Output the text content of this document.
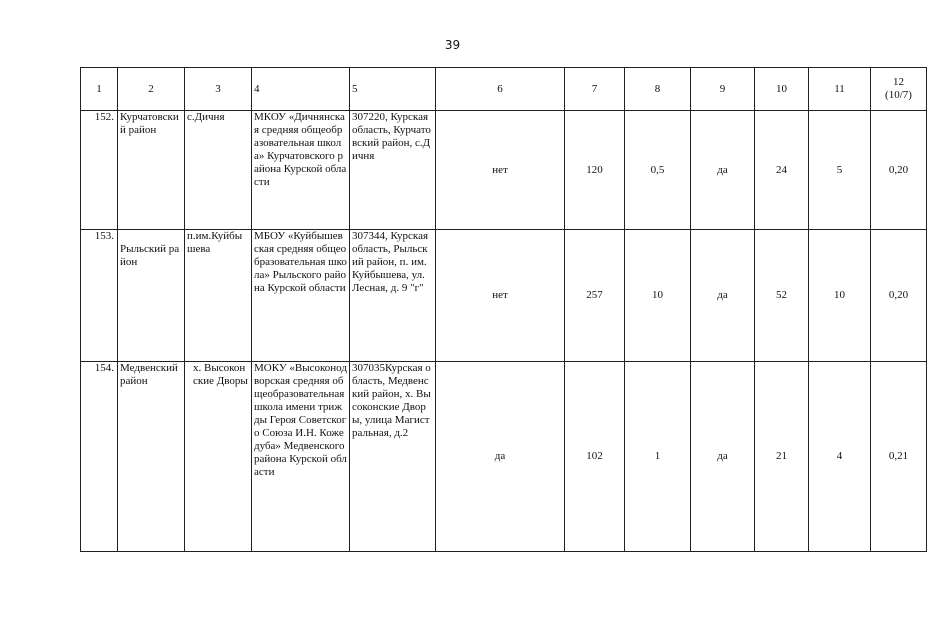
39
1	2	3	4	5	6	7	8	9	10	11	12
(10/7)

152.	Курчатовский район	с.Дичня	МКОУ «Дичнянская средняя общеобразовательная школа» Курчатовского района Курской области	307220, Курская область, Курчатовский район, с.Дичня	нет	120	0,5	да	24	5	0,20
153.	Рыльский район	п.им.Куйбышева	МБОУ «Куйбышевская средняя общеобразовательная школа» Рыльского района Курской области	307344, Курская область, Рыльский район, п. им. Куйбышева, ул. Лесная, д. 9 "г"	нет	257	10	да	52	10	0,20
154.	Медвенский район	х. Высоконские Дворы	МОКУ «Высоконодворская средняя общеобразовательная школа имени трижды Героя Советского Союза И.Н. Кожедуба» Медвенского района Курской области	307035Курская область, Медвенский район, х. Высоконские Дворы, улица Магистральная, д.2	да	102	1	да	21	4	0,21
